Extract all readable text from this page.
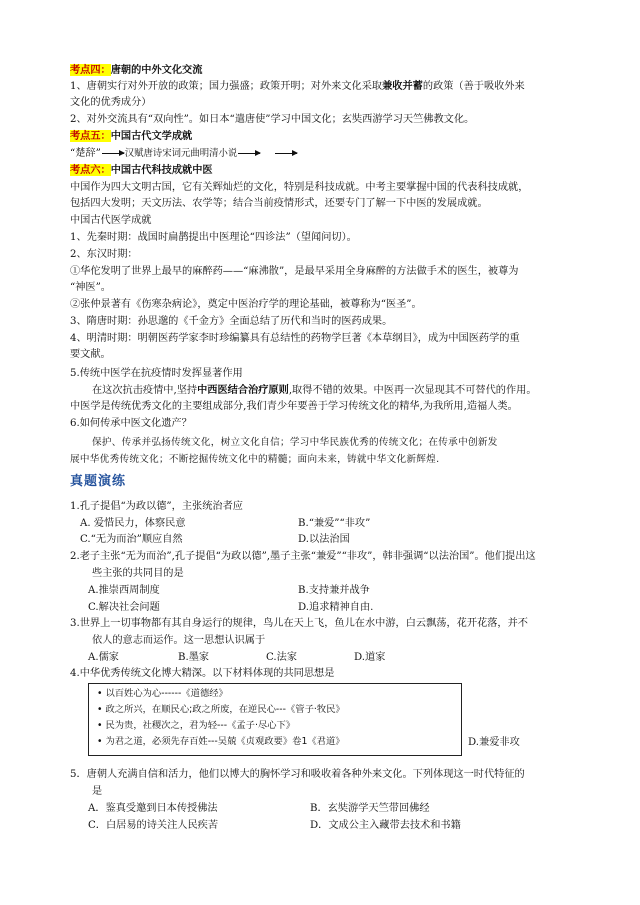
考点四：唐朝的中外文化交流
1、唐朝实行对外开放的政策；国力强盛；政策开明；对外来文化采取兼收并蓄的政策（善于吸收外来
文化的优秀成分）
2、对外交流具有“双向性”。如日本“遣唐使”学习中国文化；玄奘西游学习天竺佛教文化。
考点五：中国古代文学成就
“楚辞”	汉赋唐诗宋词元曲明清小说
考点六：中国古代科技成就中医
中国作为四大文明古国，它有关辉灿烂的文化，特别是科技成就。中考主要掌握中国的代表科技成就，
包括四大发明；天文历法、农学等；结合当前疫情形式，还要专门了解一下中医的发展成就。
中国古代医学成就
1、先秦时期：战国时扁鹊提出中医理论“四诊法”（望闻问切）。
2、东汉时期：
①华佗发明了世界上最早的麻醉药——“麻沸散”，是最早采用全身麻醉的方法做手术的医生，被尊为
“神医”。
②张仲景著有《伤寒杂病论》，奠定中医治疗学的理论基础，被尊称为“医圣”。
3、隋唐时期：孙思邈的《千金方》全面总结了历代和当时的医药成果。
4、明清时期：明朝医药学家李时珍编纂具有总结性的药物学巨著《本草纲目》，成为中国医药学的重
要文献。
5.传统中医学在抗疫情时发挥显著作用
在这次抗击疫情中,坚持中西医结合治疗原则,取得不错的效果。中医再一次显现其不可替代的作用。
中医学是传统优秀文化的主要组成部分,我们青少年要善于学习传统文化的精华,为我所用,造福人类。
6.如何传承中医文化遗产？
保护、传承并弘扬传统文化，树立文化自信；学习中华民族优秀的传统文化；在传承中创新发
展中华优秀传统文化；不断挖掘传统文化中的精髓；面向未来，铸就中华文化新辉煌.
真题演练
1.孔子提倡“为政以德”，主张统治者应
A. 爱惜民力，体察民意	B.“兼爱”“非攻”
C.“无为而治”顺应自然	D.以法治国
2.老子主张“无为而治”,孔子提倡“为政以德”,墨子主张“兼爱”“非攻”，韩非强调“以法治国”。他们提出这
些主张的共同目的是
A.推崇西周制度	B.支持兼并战争
C.解决社会问题	D.追求精神自由.
3.世界上一切事物都有其自身运行的规律，鸟儿在天上飞，鱼儿在水中游，白云飘荡，花开花落，并不
依人的意志而运作。这一思想认识属于
A.儒家	B.墨家	C.法家	D.道家
4.中华优秀传统文化博大精深。以下材料体现的共同思想是
• 以百姓心为心------《道德经》
• 政之所兴，在顺民心;政之所废，在逆民心---《管子·牧民》
• 民为贵，社稷次之，君为轻---《孟子·尽心下》
• 为君之道，必须先存百姓---吴兢《贞观政要》卷1《君道》	D.兼爱非攻
5．唐朝人充满自信和活力，他们以博大的胸怀学习和吸收着各种外来文化。下列体现这一时代特征的
是
A．鉴真受邀到日本传授佛法	B．玄奘游学天竺带回佛经
C．白居易的诗关注人民疾苦	D．文成公主入藏带去技术和书籍
